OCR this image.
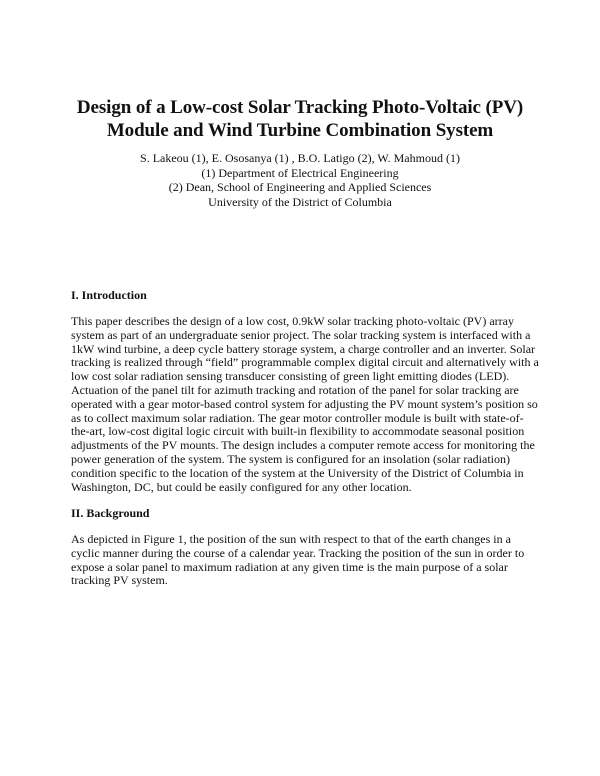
Design of a Low-cost Solar Tracking Photo-Voltaic (PV)
Module and Wind Turbine Combination System
S. Lakeou (1), E. Ososanya (1) , B.O. Latigo (2), W. Mahmoud (1)
(1) Department of Electrical Engineering
(2) Dean, School of Engineering and Applied Sciences
University of the District of Columbia
I. Introduction

This paper describes the design of a low cost, 0.9kW solar tracking photo-voltaic (PV) array
system as part of an undergraduate senior project. The solar tracking system is interfaced with a
1kW wind turbine, a deep cycle battery storage system, a charge controller and an inverter. Solar
tracking is realized through “field” programmable complex digital circuit and alternatively with a
low cost solar radiation sensing transducer consisting of green light emitting diodes (LED).
Actuation of the panel tilt for azimuth tracking and rotation of the panel for solar tracking are
operated with a gear motor-based control system for adjusting the PV mount system’s position so
as to collect maximum solar radiation. The gear motor controller module is built with state-of-
the-art, low-cost digital logic circuit with built-in flexibility to accommodate seasonal position
adjustments of the PV mounts. The design includes a computer remote access for monitoring the
power generation of the system. The system is configured for an insolation (solar radiation)
condition specific to the location of the system at the University of the District of Columbia in
Washington, DC, but could be easily configured for any other location.

II. Background

As depicted in Figure 1, the position of the sun with respect to that of the earth changes in a
cyclic manner during the course of a calendar year. Tracking the position of the sun in order to
expose a solar panel to maximum radiation at any given time is the main purpose of a solar
tracking PV system.
